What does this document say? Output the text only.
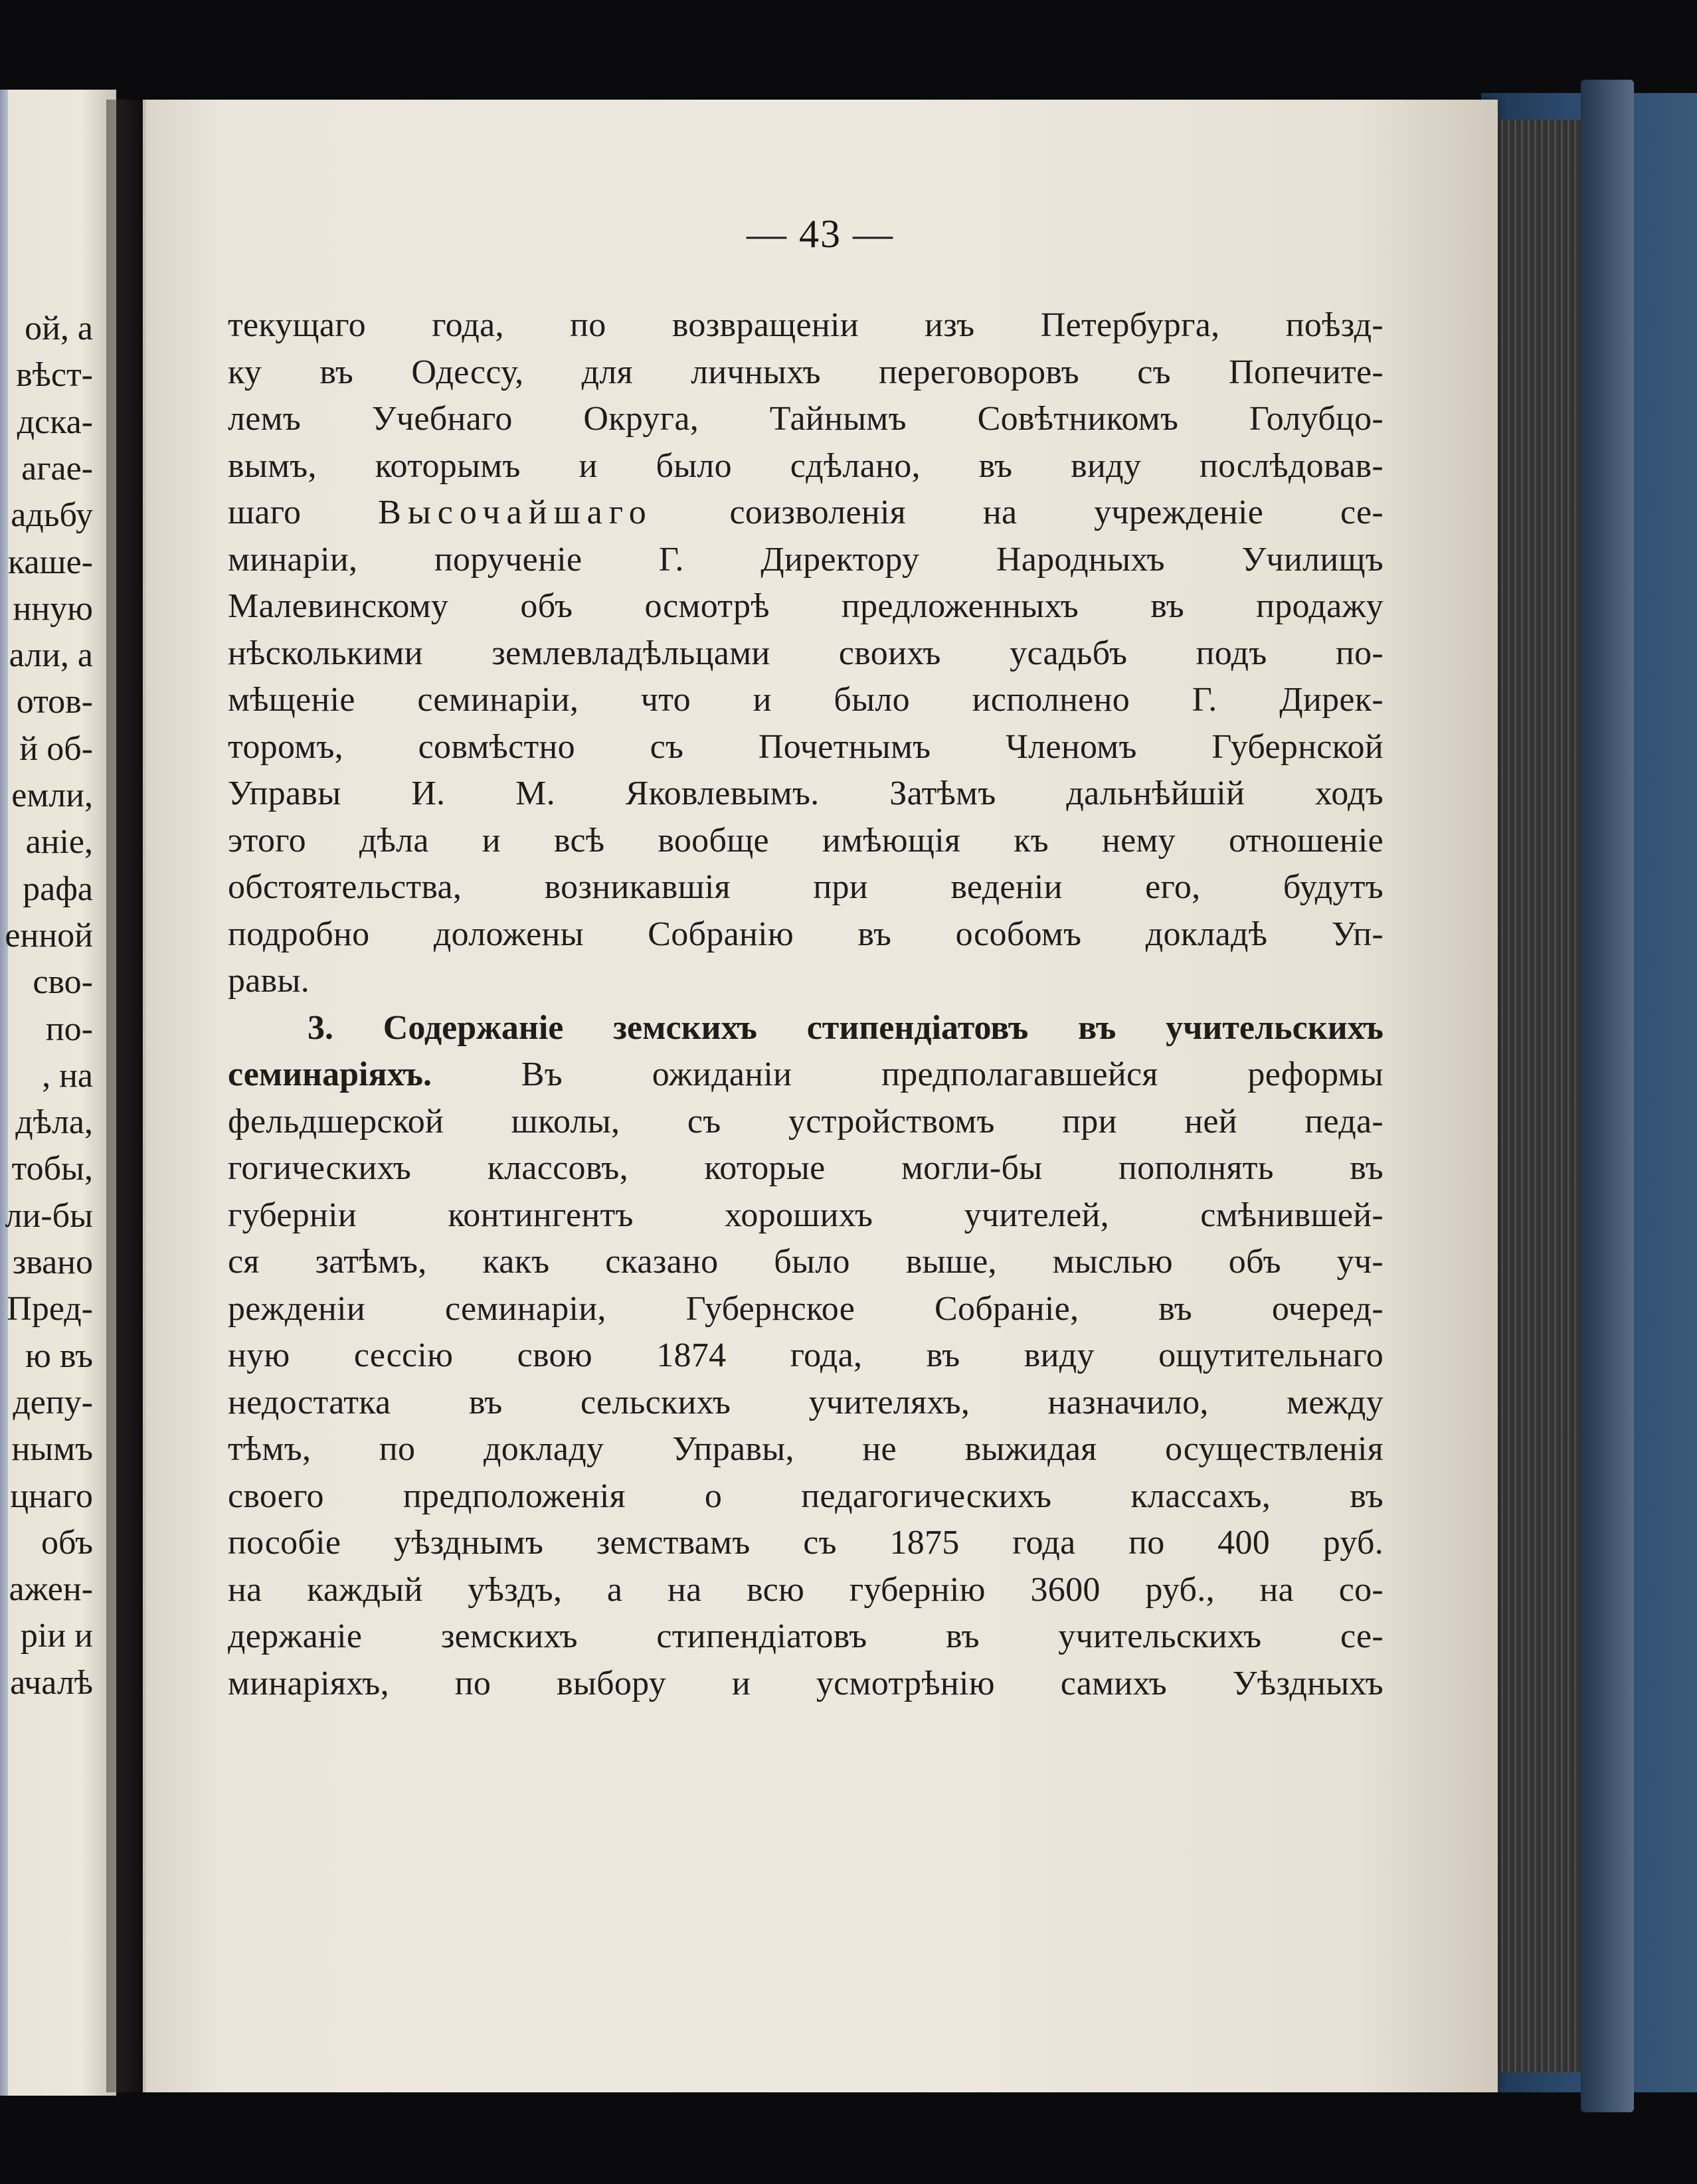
— 43 —
текущаго года, по возвращеніи изъ Петербурга, поѣзд-
ку въ Одессу, для личныхъ переговоровъ съ Попечите-
лемъ Учебнаго Округа, Тайнымъ Совѣтникомъ Голубцо-
вымъ, которымъ и было сдѣлано, въ виду послѣдовав-
шаго Высочайшаго соизволенія на учрежденіе се-
минаріи, порученіе Г. Директору Народныхъ Училищъ
Малевинскому объ осмотрѣ предложенныхъ въ продажу
нѣсколькими землевладѣльцами своихъ усадьбъ подъ по-
мѣщеніе семинаріи, что и было исполнено Г. Дирек-
торомъ, совмѣстно съ Почетнымъ Членомъ Губернской
Управы И. М. Яковлевымъ. Затѣмъ дальнѣйшій ходъ
этого дѣла и всѣ вообще имѣющія къ нему отношеніе
обстоятельства, возникавшія при веденіи его, будутъ
подробно доложены Собранію въ особомъ докладѣ Уп-
равы.
3. Содержаніе земскихъ стипендіатовъ въ учительскихъ
семинаріяхъ. Въ ожиданіи предполагавшейся реформы
фельдшерской школы, съ устройствомъ при ней педа-
гогическихъ классовъ, которые могли-бы пополнять въ
губерніи контингентъ хорошихъ учителей, смѣнившей-
ся затѣмъ, какъ сказано было выше, мыслью объ уч-
режденіи семинаріи, Губернское Собраніе, въ очеред-
ную сессію свою 1874 года, въ виду ощутительнаго
недостатка въ сельскихъ учителяхъ, назначило, между
тѣмъ, по докладу Управы, не выжидая осуществленія
своего предположенія о педагогическихъ классахъ, въ
пособіе уѣзднымъ земствамъ съ 1875 года по 400 руб.
на каждый уѣздъ, а на всю губернію 3600 руб., на со-
держаніе земскихъ стипендіатовъ въ учительскихъ се-
минаріяхъ, по выбору и усмотрѣнію самихъ Уѣздныхъ
ой, а
вѣст-
дска-
агае-
адьбу
каше-
нную
али, а
отов-
й об-
емли,
аніе,
рафа
енной
сво-
по-
, на
дѣла,
тобы,
ли-бы
звано
Пред-
ю въ
депу-
нымъ
цнаго
объ
ажен-
ріи и
ачалѣ
